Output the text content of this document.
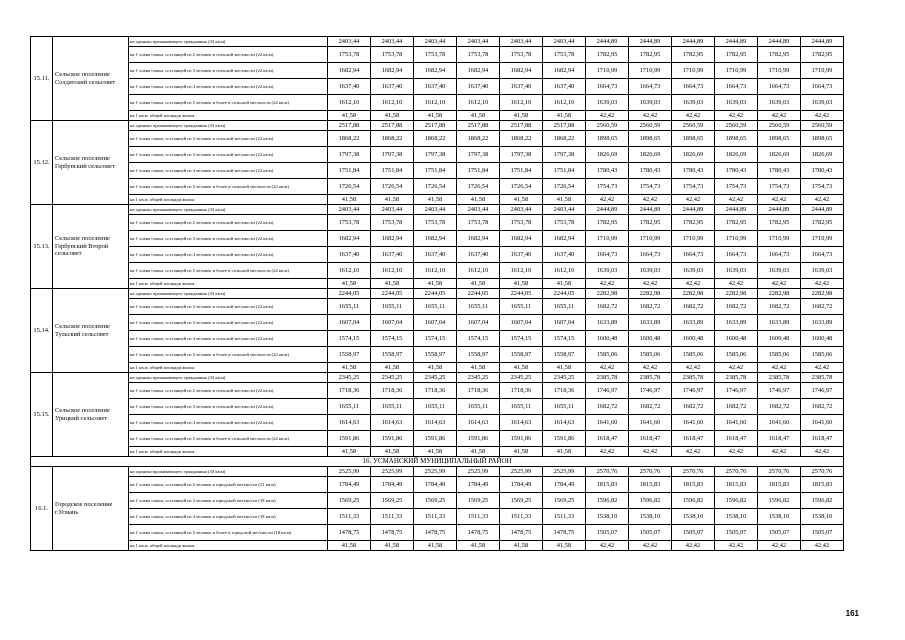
15.11.	Сельское поселение Солдатский сельсовет	на одиноко проживающего гражданина (33 кв.м)	2403,44	2403,44	2403,44	2403,44	2403,44	2403,44	2444,89	2444,89	2444,89	2444,89	2444,89	2444,89
		на 1 члена семьи, состоящей из 2 человек в сельской местности (22 кв.м)	1753,78	1753,78	1753,78	1753,78	1753,78	1753,78	1782,95	1782,95	1782,95	1782,95	1782,95	1782,95
		на 1 члена семьи, состоящей из 3 человек в сельской местности (22 кв.м)	1682,94	1682,94	1682,94	1682,94	1682,94	1682,94	1710,99	1710,99	1710,99	1710,99	1710,99	1710,99
		на 1 члена семьи, состоящей из 4 человек в сельской местности (22 кв.м)	1637,40	1637,40	1637,40	1637,40	1637,40	1637,40	1664,73	1664,73	1664,73	1664,73	1664,73	1664,73
		на 1 члена семьи, состоящей из 5 человек и более в сельской местности (22 кв.м)	1612,10	1612,10	1612,10	1612,10	1612,10	1612,10	1639,03	1639,03	1639,03	1639,03	1639,03	1639,03
		на 1 кв.м. общей площади жилья	41,58	41,58	41,58	41,58	41,58	41,58	42,42	42,42	42,42	42,42	42,42	42,42
15.12.	Сельское поселение Гербунский сельсовет	на одиноко проживающего гражданина (33 кв.м)	2517,88	2517,88	2517,88	2517,88	2517,88	2517,88	2560,59	2560,59	2560,59	2560,59	2560,59	2560,59
		на 1 члена семьи, состоящей из 2 человек в сельской местности (22 кв.м)	1868,22	1868,22	1868,22	1868,22	1868,22	1868,22	1898,65	1898,65	1898,65	1898,65	1898,65	1898,65
		на 1 члена семьи, состоящей из 3 человек в сельской местности (22 кв.м)	1797,38	1797,38	1797,38	1797,38	1797,38	1797,38	1826,69	1826,69	1826,69	1826,69	1826,69	1826,69
		на 1 члена семьи, состоящей из 4 человек в сельской местности (22 кв.м)	1751,84	1751,84	1751,84	1751,84	1751,84	1751,84	1780,43	1780,43	1780,43	1780,43	1780,43	1780,43
		на 1 члена семьи, состоящей из 5 человек и более в сельской местности (22 кв.м)	1726,54	1726,54	1726,54	1726,54	1726,54	1726,54	1754,73	1754,73	1754,73	1754,73	1754,73	1754,73
		на 1 кв.м. общей площади жилья	41,58	41,58	41,58	41,58	41,58	41,58	42,42	42,42	42,42	42,42	42,42	42,42
15.13.	Сельское поселение Гербунский Второй сельсовет	на одиноко проживающего гражданина (33 кв.м)	2403,44	2403,44	2403,44	2403,44	2403,44	2403,44	2444,89	2444,89	2444,89	2444,89	2444,89	2444,89
		на 1 члена семьи, состоящей из 2 человек в сельской местности (22 кв.м)	1753,78	1753,78	1753,78	1753,78	1753,78	1753,78	1782,95	1782,95	1782,95	1782,95	1782,95	1782,95
		на 1 члена семьи, состоящей из 3 человек в сельской местности (22 кв.м)	1682,94	1682,94	1682,94	1682,94	1682,94	1682,94	1710,99	1710,99	1710,99	1710,99	1710,99	1710,99
		на 1 члена семьи, состоящей из 4 человек в сельской местности (22 кв.м)	1637,40	1637,40	1637,40	1637,40	1637,40	1637,40	1664,73	1664,73	1664,73	1664,73	1664,73	1664,73
		на 1 члена семьи, состоящей из 5 человек и более в сельской местности (22 кв.м)	1612,10	1612,10	1612,10	1612,10	1612,10	1612,10	1639,03	1639,03	1639,03	1639,03	1639,03	1639,03
		на 1 кв.м. общей площади жилья	41,58	41,58	41,58	41,58	41,58	41,58	42,42	42,42	42,42	42,42	42,42	42,42
15.14.	Сельское поселение Тульский сельсовет	на одиноко проживающего гражданина (33 кв.м)	2244,05	2244,05	2244,05	2244,05	2244,05	2244,05	2282,98	2282,98	2282,98	2282,98	2282,98	2282,98
		на 1 члена семьи, состоящей из 2 человек в сельской местности (22 кв.м)	1655,11	1655,11	1655,11	1655,11	1655,11	1655,11	1682,72	1682,72	1682,72	1682,72	1682,72	1682,72
		на 1 члена семьи, состоящей из 3 человек в сельской местности (22 кв.м)	1607,04	1607,04	1607,04	1607,04	1607,04	1607,04	1633,89	1633,89	1633,89	1633,89	1633,89	1633,89
		на 1 члена семьи, состоящей из 4 человек в сельской местности (22 кв.м)	1574,15	1574,15	1574,15	1574,15	1574,15	1574,15	1600,48	1600,48	1600,48	1600,48	1600,48	1600,48
		на 1 члена семьи, состоящей из 5 человек и более в сельской местности (22 кв.м)	1558,97	1558,97	1558,97	1558,97	1558,97	1558,97	1585,06	1585,06	1585,06	1585,06	1585,06	1585,06
		на 1 кв.м. общей площади жилья	41,58	41,58	41,58	41,58	41,58	41,58	42,42	42,42	42,42	42,42	42,42	42,42
15.15.	Сельское поселение Урицкий сельсовет	на одиноко проживающего гражданина (33 кв.м)	2345,25	2345,25	2345,25	2345,25	2345,25	2345,25	2385,78	2385,78	2385,78	2385,78	2385,78	2385,78
		на 1 члена семьи, состоящей из 2 человек в сельской местности (22 кв.м)	1718,36	1718,36	1718,36	1718,36	1718,36	1718,36	1746,97	1746,97	1746,97	1746,97	1746,97	1746,97
		на 1 члена семьи, состоящей из 3 человек в сельской местности (22 кв.м)	1655,11	1655,11	1655,11	1655,11	1655,11	1655,11	1682,72	1682,72	1682,72	1682,72	1682,72	1682,72
		на 1 члена семьи, состоящей из 4 человек в сельской местности (22 кв.м)	1614,63	1614,63	1614,63	1614,63	1614,63	1614,63	1641,60	1641,60	1641,60	1641,60	1641,60	1641,60
		на 1 члена семьи, состоящей из 5 человек и более в сельской местности (22 кв.м)	1591,86	1591,86	1591,86	1591,86	1591,86	1591,86	1618,47	1618,47	1618,47	1618,47	1618,47	1618,47
		на 1 кв.м. общей площади жилья	41,58	41,58	41,58	41,58	41,58	41,58	42,42	42,42	42,42	42,42	42,42	42,42
16. УСМАНСКИЙ МУНИЦИПАЛЬНЫЙ РАЙОН														
16.1.	Городское поселение г.Усмань	на одиноко проживающего гражданина (33 кв.м)	2525,99	2525,99	2525,99	2525,99	2525,99	2525,99	2570,76	2570,76	2570,76	2570,76	2570,76	2570,76
		на 1 члена семьи, состоящей из 2 человек в городской местности (21 кв.м)	1784,49	1784,49	1784,49	1784,49	1784,49	1784,49	1815,83	1815,83	1815,83	1815,83	1815,83	1815,83
		на 1 члена семьи, состоящей из 3 человек в городской местности (18 кв.м)	1569,25	1569,25	1569,25	1569,25	1569,25	1569,25	1596,82	1596,82	1596,82	1596,82	1596,82	1596,82
		на 1 члена семьи, состоящей из 4 человек в городской местности (18 кв.м)	1511,33	1511,33	1511,33	1511,33	1511,33	1511,33	1538,10	1538,10	1538,10	1538,10	1538,10	1538,10
		на 1 члена семьи, состоящей из 5 человек и более в городской местности (18 кв.м)	1478,75	1478,75	1478,75	1478,75	1478,75	1478,75	1505,07	1505,07	1505,07	1505,07	1505,07	1505,07
		на 1 кв.м. общей площади жилья	41,58	41,58	41,58	41,58	41,58	41,58	42,42	42,42	42,42	42,42	42,42	42,42
161
